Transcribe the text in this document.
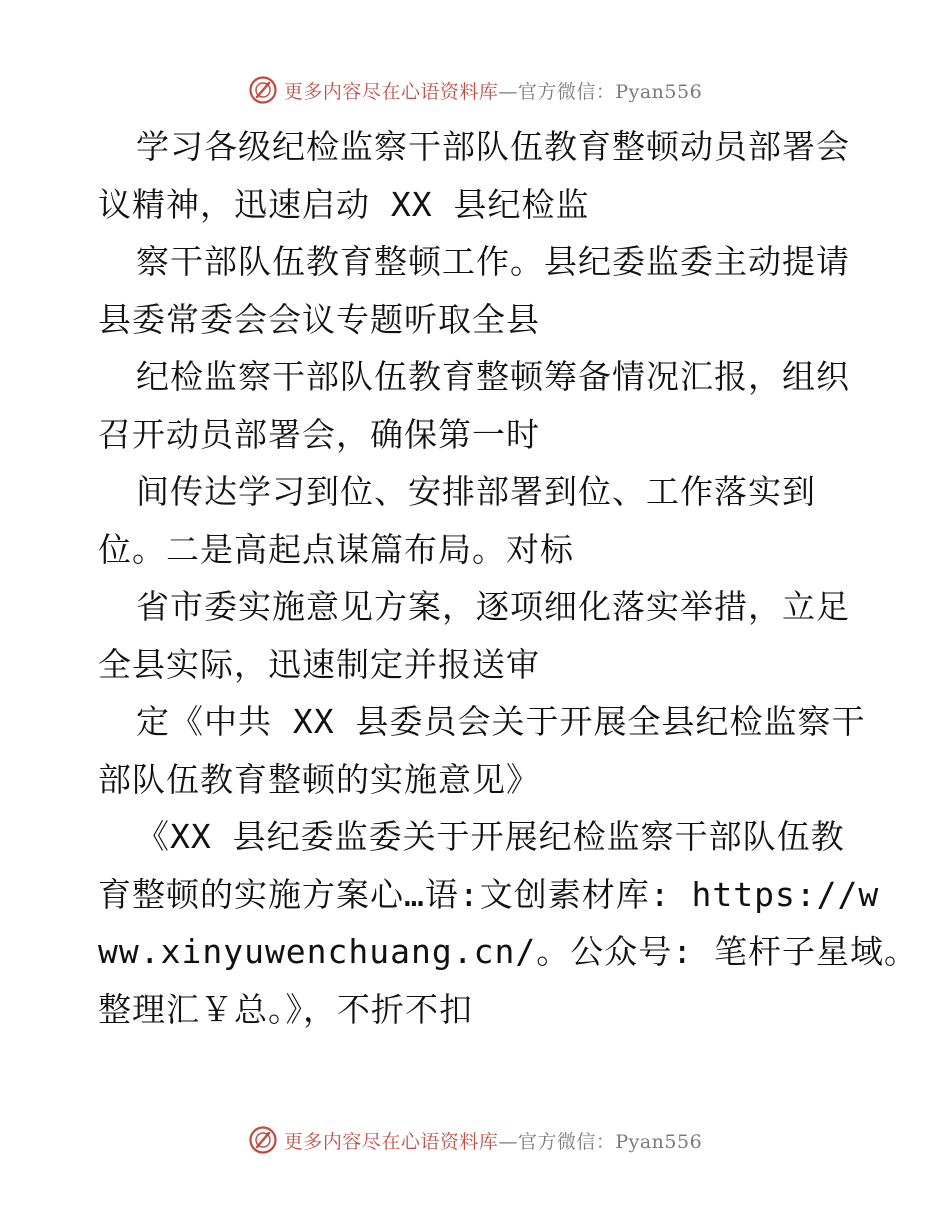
更多内容尽在心语资料库—官方微信：Pyan556
学习各级纪检监察干部队伍教育整顿动员部署会
议精神，迅速启动 XX 县纪检监
察干部队伍教育整顿工作。县纪委监委主动提请
县委常委会会议专题听取全县
纪检监察干部队伍教育整顿筹备情况汇报，组织
召开动员部署会，确保第一时
间传达学习到位、安排部署到位、工作落实到
位。二是高起点谋篇布局。对标
省市委实施意见方案，逐项细化落实举措，立足
全县实际，迅速制定并报送审
定《中共 XX 县委员会关于开展全县纪检监察干
部队伍教育整顿的实施意见》
《XX 县纪委监委关于开展纪检监察干部队伍教
育整顿的实施方案心…语:文创素材库: https://w
ww.xinyuwenchuang.cn/。公众号: 笔杆子星域。
整理汇￥总。》，不折不扣
更多内容尽在心语资料库—官方微信：Pyan556
